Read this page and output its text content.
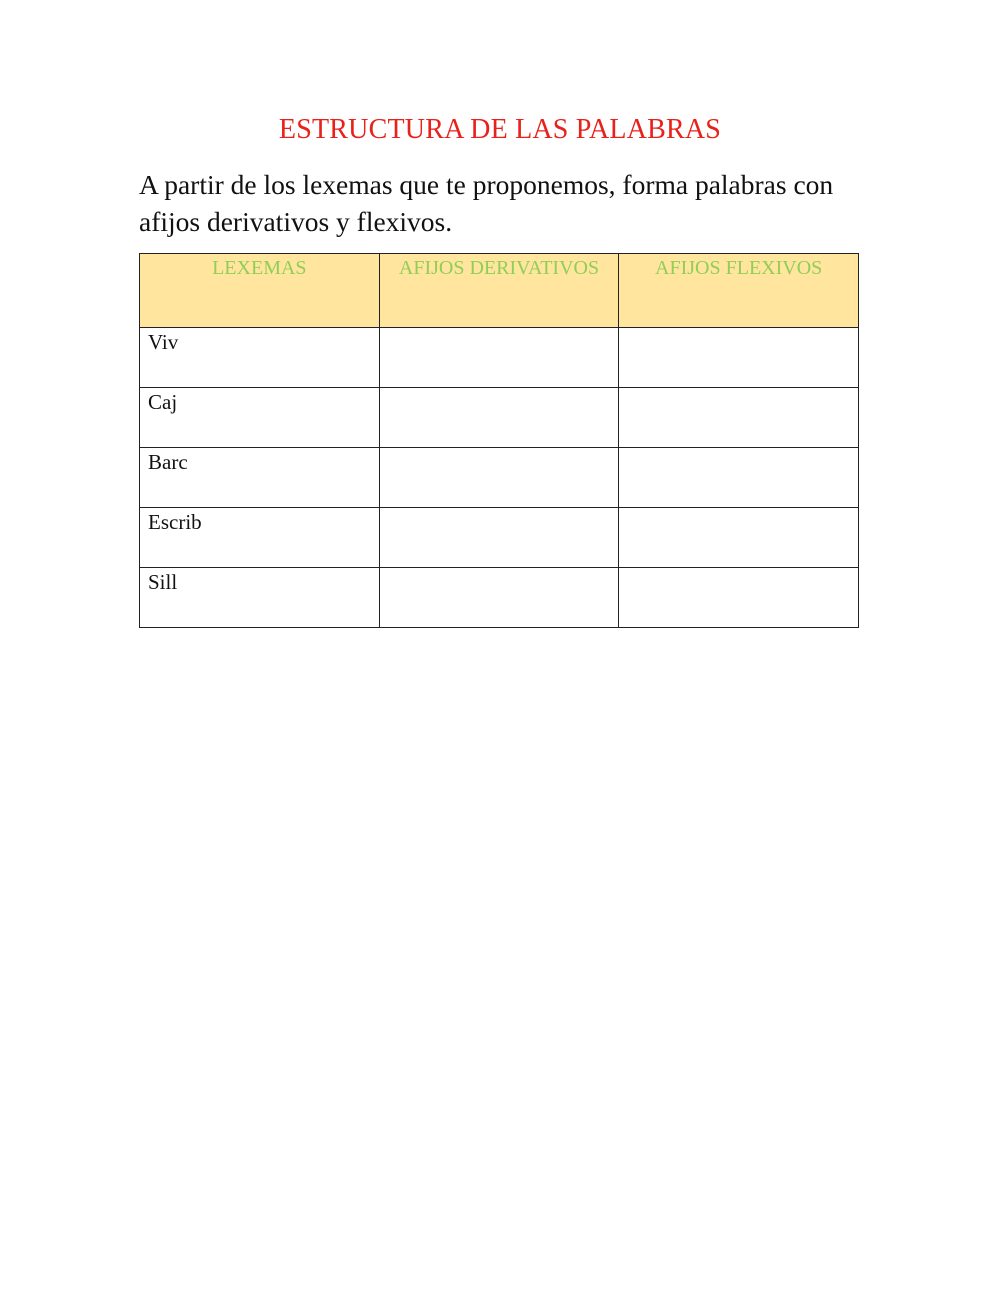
ESTRUCTURA DE LAS PALABRAS
A partir de los lexemas que te proponemos, forma palabras con afijos derivativos y flexivos.
LEXEMAS	AFIJOS DERIVATIVOS	AFIJOS FLEXIVOS
Viv		
Caj		
Barc		
Escrib		
Sill		
